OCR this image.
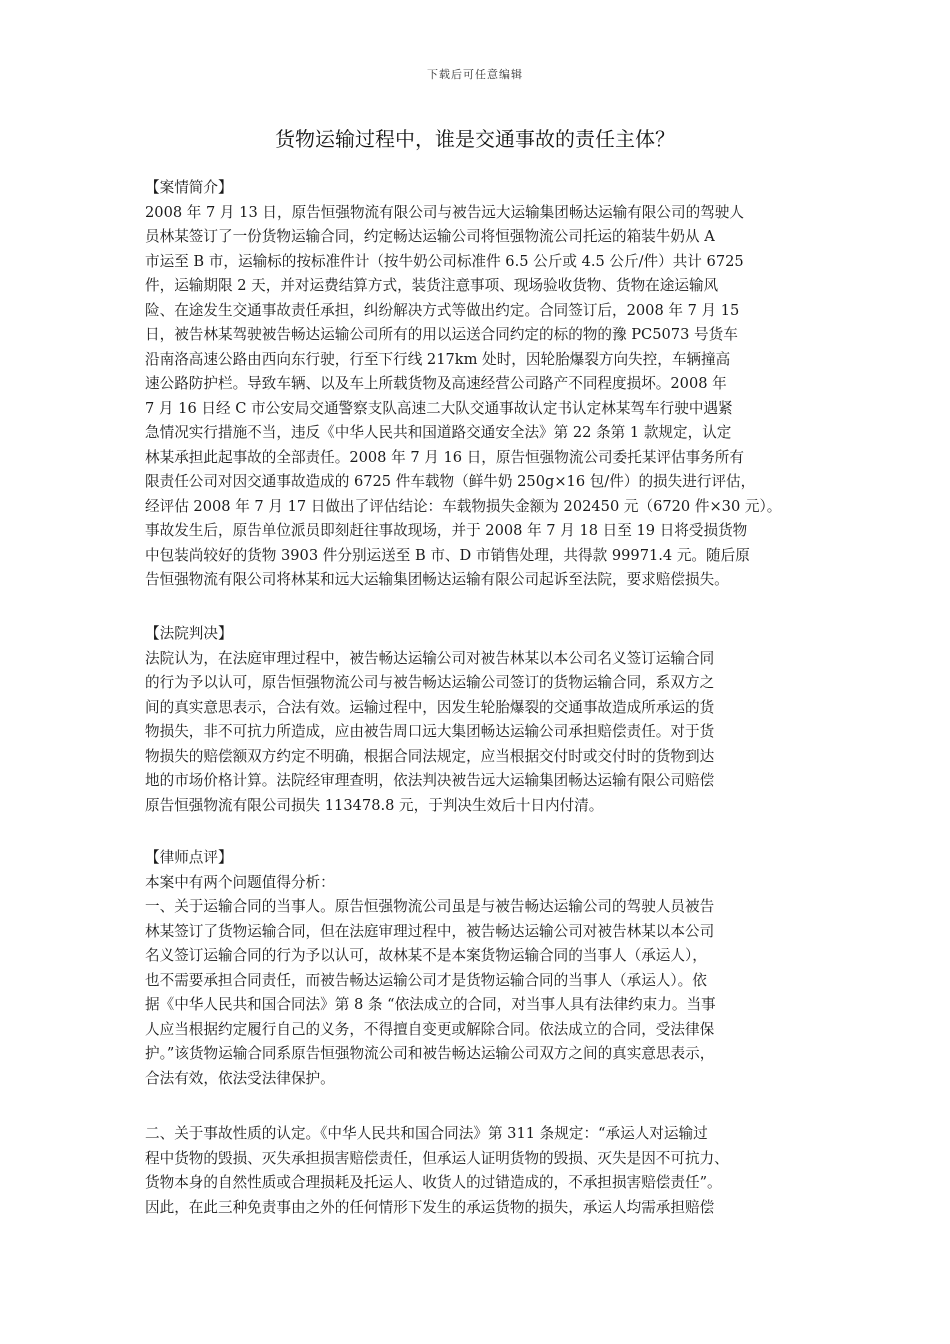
下载后可任意编辑
货物运输过程中，谁是交通事故的责任主体？
【案情简介】
2008 年 7 月 13 日，原告恒强物流有限公司与被告远大运输集团畅达运输有限公司的驾驶人
员林某签订了一份货物运输合同，约定畅达运输公司将恒强物流公司托运的箱装牛奶从 A
市运至 B 市，运输标的按标准件计（按牛奶公司标准件 6.5 公斤或 4.5 公斤/件）共计 6725
件，运输期限 2 天，并对运费结算方式，装货注意事项、现场验收货物、货物在途运输风
险、在途发生交通事故责任承担，纠纷解决方式等做出约定。合同签订后，2008 年 7 月 15
日，被告林某驾驶被告畅达运输公司所有的用以运送合同约定的标的物的豫 PC5073 号货车
沿南洛高速公路由西向东行驶，行至下行线 217km 处时，因轮胎爆裂方向失控，车辆撞高
速公路防护栏。导致车辆、以及车上所载货物及高速经营公司路产不同程度损坏。2008 年
7 月 16 日经 C 市公安局交通警察支队高速二大队交通事故认定书认定林某驾车行驶中遇紧
急情况实行措施不当，违反《中华人民共和国道路交通安全法》第 22 条第 1 款规定，认定
林某承担此起事故的全部责任。2008 年 7 月 16 日，原告恒强物流公司委托某评估事务所有
限责任公司对因交通事故造成的 6725 件车载物（鲜牛奶 250g×16 包/件）的损失进行评估，
经评估 2008 年 7 月 17 日做出了评估结论：车载物损失金额为 202450 元（6720 件×30 元）。
事故发生后，原告单位派员即刻赶往事故现场，并于 2008 年 7 月 18 日至 19 日将受损货物
中包装尚较好的货物 3903 件分别运送至 B 市、D 市销售处理，共得款 99971.4 元。随后原
告恒强物流有限公司将林某和远大运输集团畅达运输有限公司起诉至法院，要求赔偿损失。
【法院判决】
法院认为，在法庭审理过程中，被告畅达运输公司对被告林某以本公司名义签订运输合同
的行为予以认可，原告恒强物流公司与被告畅达运输公司签订的货物运输合同，系双方之
间的真实意思表示，合法有效。运输过程中，因发生轮胎爆裂的交通事故造成所承运的货
物损失，非不可抗力所造成，应由被告周口远大集团畅达运输公司承担赔偿责任。对于货
物损失的赔偿额双方约定不明确，根据合同法规定，应当根据交付时或交付时的货物到达
地的市场价格计算。法院经审理查明，依法判决被告远大运输集团畅达运输有限公司赔偿
原告恒强物流有限公司损失 113478.8 元，于判决生效后十日内付清。
【律师点评】
本案中有两个问题值得分析：
一、关于运输合同的当事人。原告恒强物流公司虽是与被告畅达运输公司的驾驶人员被告
林某签订了货物运输合同，但在法庭审理过程中，被告畅达运输公司对被告林某以本公司
名义签订运输合同的行为予以认可，故林某不是本案货物运输合同的当事人（承运人），
也不需要承担合同责任，而被告畅达运输公司才是货物运输合同的当事人（承运人）。依
据《中华人民共和国合同法》第 8 条 “依法成立的合同，对当事人具有法律约束力。当事
人应当根据约定履行自己的义务，不得擅自变更或解除合同。依法成立的合同，受法律保
护。”该货物运输合同系原告恒强物流公司和被告畅达运输公司双方之间的真实意思表示，
合法有效，依法受法律保护。
二、关于事故性质的认定。《中华人民共和国合同法》第 311 条规定：“承运人对运输过
程中货物的毁损、灭失承担损害赔偿责任，但承运人证明货物的毁损、灭失是因不可抗力、
货物本身的自然性质或合理损耗及托运人、收货人的过错造成的，不承担损害赔偿责任”。
因此，在此三种免责事由之外的任何情形下发生的承运货物的损失，承运人均需承担赔偿
